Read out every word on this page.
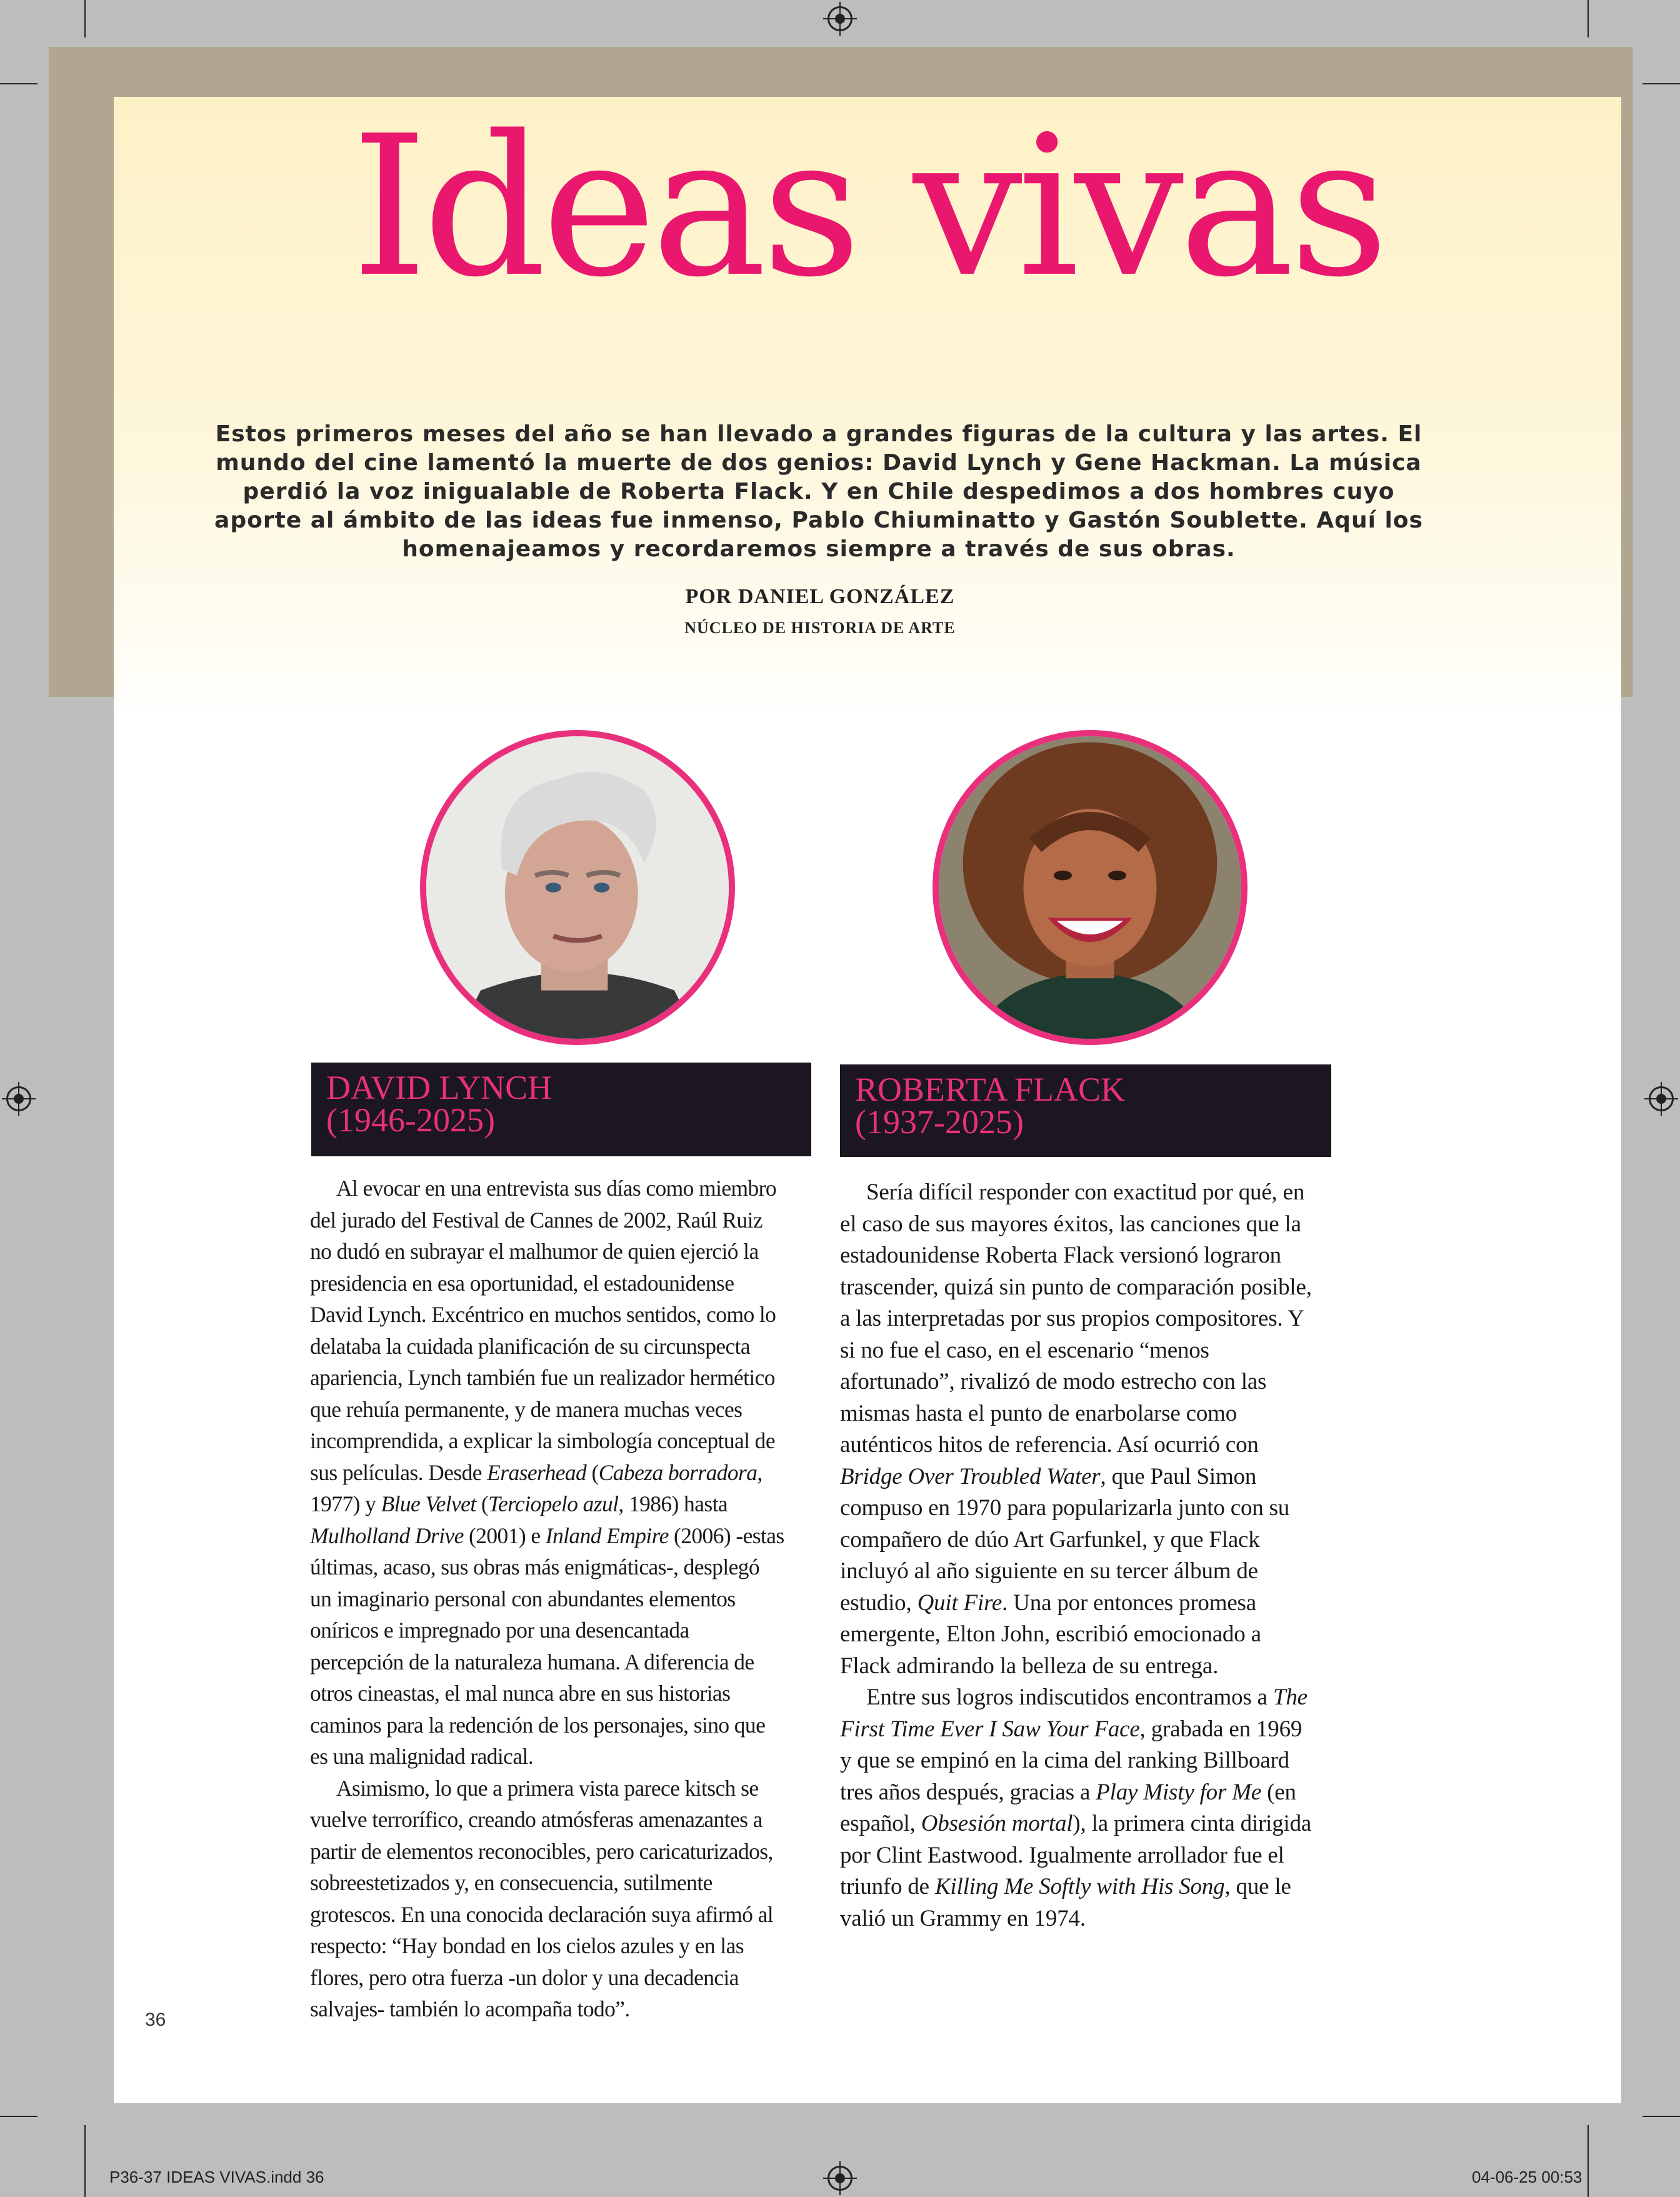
Ideas vivas

Estos primeros meses del año se han llevado a grandes figuras de la cultura y las artes. El mundo del cine lamentó la muerte de dos genios: David Lynch y Gene Hackman. La música perdió la voz inigualable de Roberta Flack. Y en Chile despedimos a dos hombres cuyo aporte al ámbito de las ideas fue inmenso, Pablo Chiuminatto y Gastón Soublette. Aquí los homenajeamos y recordaremos siempre a través de sus obras.

POR DANIEL GONZÁLEZ
NÚCLEO DE HISTORIA DE ARTE
DAVID LYNCH
(1946-2025)
ROBERTA FLACK
(1937-2025)

Al evocar en una entrevista sus días como miembro del jurado del Festival de Cannes de 2002, Raúl Ruiz no dudó en subrayar el malhumor de quien ejerció la presidencia en esa oportunidad, el estadounidense David Lynch. Excéntrico en muchos sentidos, como lo delataba la cuidada planificación de su circunspecta apariencia, Lynch también fue un realizador hermético que rehuía permanente, y de manera muchas veces incomprendida, a explicar la simbología conceptual de sus películas. Desde Eraserhead (Cabeza borradora, 1977) y Blue Velvet (Terciopelo azul, 1986) hasta Mulholland Drive (2001) e Inland Empire (2006) -estas últimas, acaso, sus obras más enigmáticas-, desplegó un imaginario personal con abundantes elementos oníricos e impregnado por una desencantada percepción de la naturaleza humana. A diferencia de otros cineastas, el mal nunca abre en sus historias caminos para la redención de los personajes, sino que es una malignidad radical.

Asimismo, lo que a primera vista parece kitsch se vuelve terrorífico, creando atmósferas amenazantes a partir de elementos reconocibles, pero caricaturizados, sobreestetizados y, en consecuencia, sutilmente grotescos. En una conocida declaración suya afirmó al respecto: “Hay bondad en los cielos azules y en las flores, pero otra fuerza -un dolor y una decadencia salvajes- también lo acompaña todo”.

Sería difícil responder con exactitud por qué, en el caso de sus mayores éxitos, las canciones que la estadounidense Roberta Flack versionó lograron trascender, quizá sin punto de comparación posible, a las interpretadas por sus propios compositores. Y si no fue el caso, en el escenario “menos afortunado”, rivalizó de modo estrecho con las mismas hasta el punto de enarbolarse como auténticos hitos de referencia. Así ocurrió con Bridge Over Troubled Water, que Paul Simon compuso en 1970 para popularizarla junto con su compañero de dúo Art Garfunkel, y que Flack incluyó al año siguiente en su tercer álbum de estudio, Quit Fire. Una por entonces promesa emergente, Elton John, escribió emocionado a Flack admirando la belleza de su entrega.

Entre sus logros indiscutidos encontramos a The First Time Ever I Saw Your Face, grabada en 1969 y que se empinó en la cima del ranking Billboard tres años después, gracias a Play Misty for Me (en español, Obsesión mortal), la primera cinta dirigida por Clint Eastwood. Igualmente arrollador fue el triunfo de Killing Me Softly with His Song, que le valió un Grammy en 1974.

36
P36-37 IDEAS VIVAS.indd 36	04-06-25 00:53
